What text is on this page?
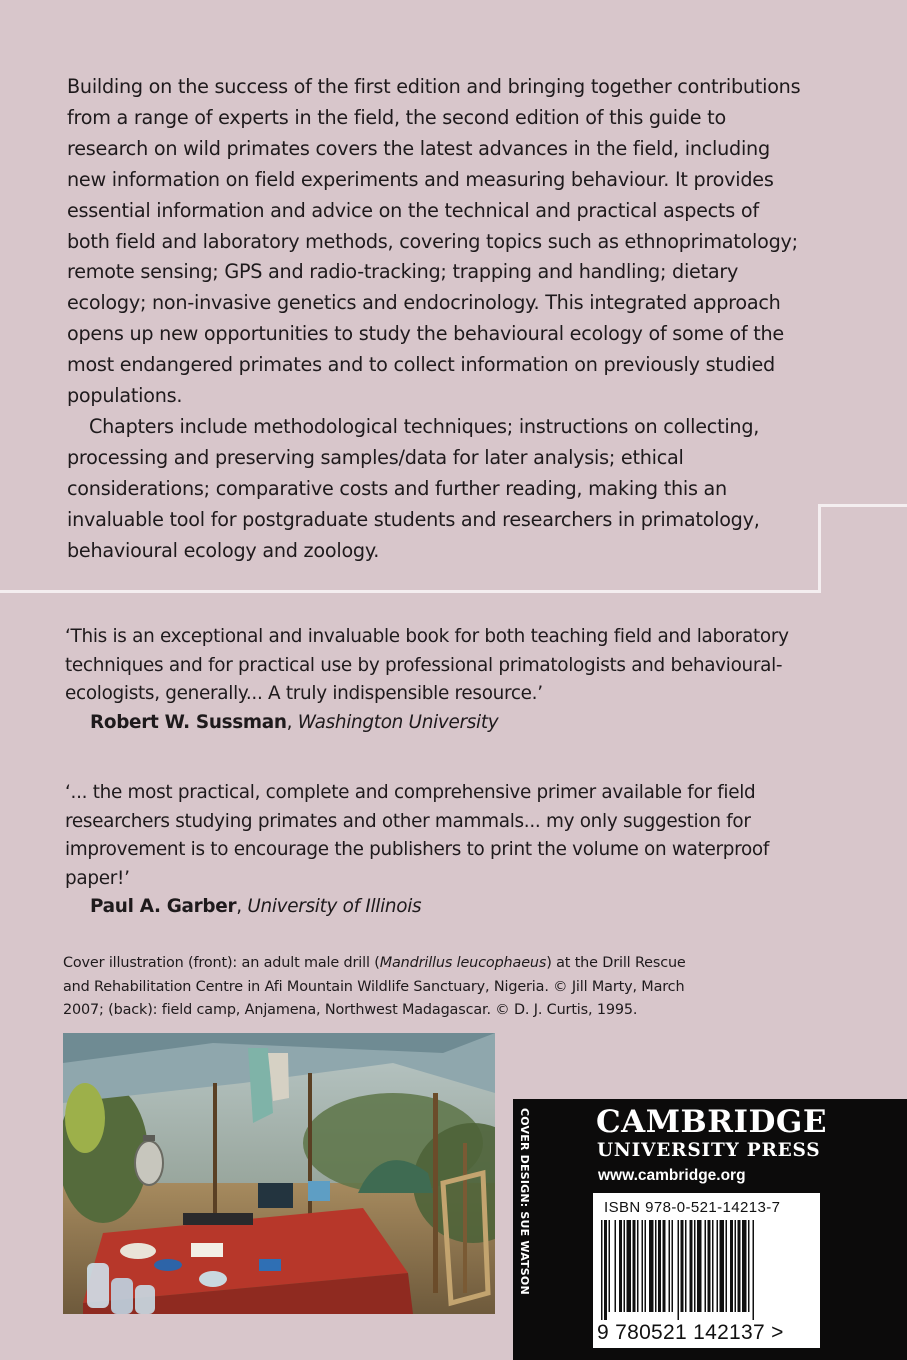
Building on the success of the first edition and bringing together contributions from a range of experts in the field, the second edition of this guide to research on wild primates covers the latest advances in the field, including new information on field experiments and measuring behaviour. It provides essential information and advice on the technical and practical aspects of both field and laboratory methods, covering topics such as ethnoprimatology; remote sensing; GPS and radio-tracking; trapping and handling; dietary ecology; non-invasive genetics and endocrinology. This integrated approach opens up new opportunities to study the behavioural ecology of some of the most endangered primates and to collect information on previously studied populations.

Chapters include methodological techniques; instructions on collecting, processing and preserving samples/data for later analysis; ethical considerations; comparative costs and further reading, making this an invaluable tool for postgraduate students and researchers in primatology, behavioural ecology and zoology.

‘This is an exceptional and invaluable book for both teaching field and laboratory techniques and for practical use by professional primatologists and behavioural-ecologists, generally... A truly indispensible resource.’

Robert W. Sussman, Washington University

‘... the most practical, complete and comprehensive primer available for field researchers studying primates and other mammals... my only suggestion for improvement is to encourage the publishers to print the volume on waterproof paper!’

Paul A. Garber, University of Illinois

Cover illustration (front): an adult male drill (Mandrillus leucophaeus) at the Drill Rescue and Rehabilitation Centre in Afi Mountain Wildlife Sanctuary, Nigeria. © Jill Marty, March 2007; (back): field camp, Anjamena, Northwest Madagascar. © D. J. Curtis, 1995.
COVER DESIGN: SUE WATSON CAMBRIDGE
UNIVERSITY PRESS
www.cambridge.org
ISBN 978-0-521-14213-7
9 780521 142137 >
